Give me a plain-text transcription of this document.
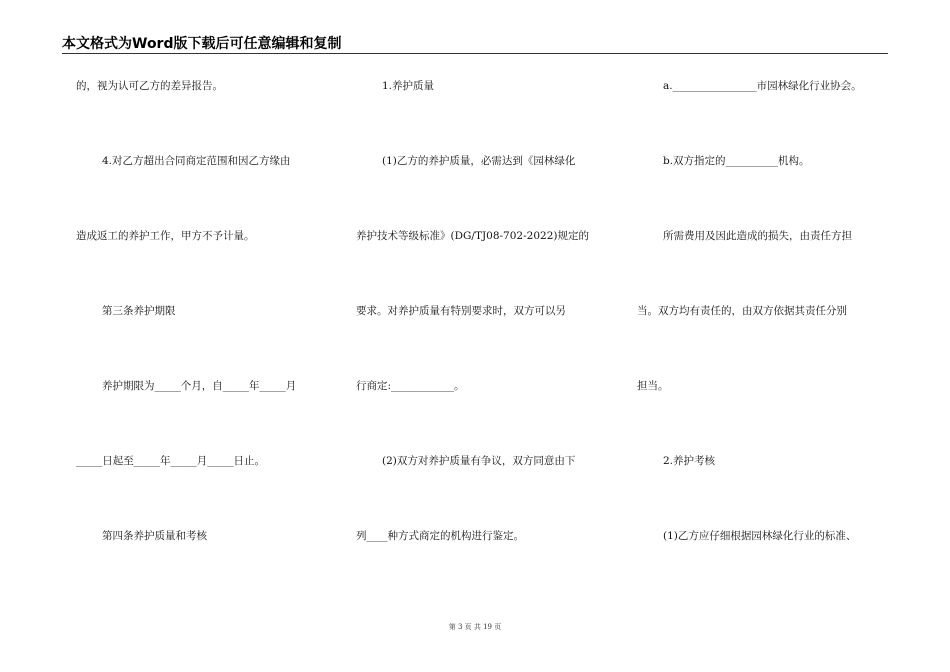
本文格式为Word版下载后可任意编辑和复制
的，视为认可乙方的差异报告。
4.对乙方超出合同商定范围和因乙方缘由
造成返工的养护工作，甲方不予计量。
第三条养护期限
养护期限为_____个月，自_____年_____月
_____日起至_____年_____月_____日止。
第四条养护质量和考核
1.养护质量
(1)乙方的养护质量，必需达到《园林绿化
养护技术等级标准》(DG/TJ08-702-2022)规定的
要求。对养护质量有特别要求时，双方可以另
行商定:____________。
(2)双方对养护质量有争议，双方同意由下
列____种方式商定的机构进行鉴定。
a.________________市园林绿化行业协会。
b.双方指定的__________机构。
所需费用及因此造成的损失，由责任方担
当。双方均有责任的，由双方依据其责任分别
担当。
2.养护考核
(1)乙方应仔细根据园林绿化行业的标准、
第 3 页 共 19 页
